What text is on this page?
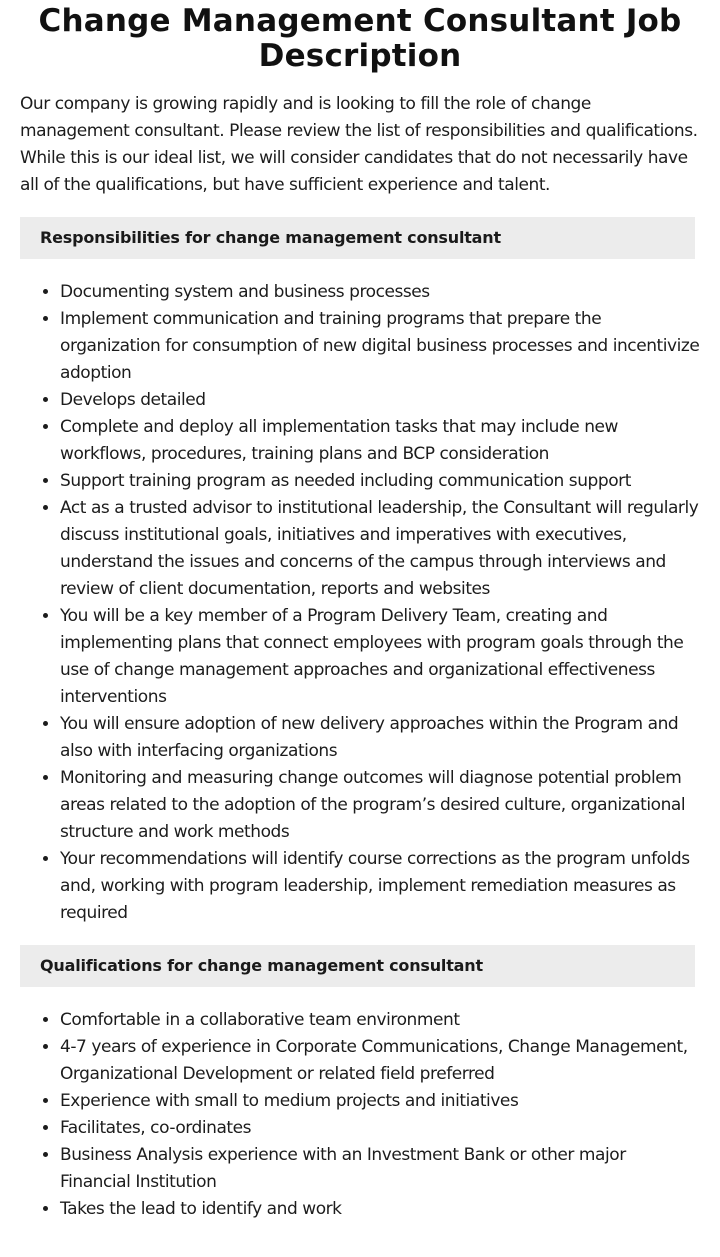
Change Management Consultant Job Description

Our company is growing rapidly and is looking to fill the role of change management consultant. Please review the list of responsibilities and qualifications. While this is our ideal list, we will consider candidates that do not necessarily have all of the qualifications, but have sufficient experience and talent.

Responsibilities for change management consultant
• Documenting system and business processes
• Implement communication and training programs that prepare the organization for consumption of new digital business processes and incentivize adoption
• Develops detailed
• Complete and deploy all implementation tasks that may include new workflows, procedures, training plans and BCP consideration
• Support training program as needed including communication support
• Act as a trusted advisor to institutional leadership, the Consultant will regularly discuss institutional goals, initiatives and imperatives with executives, understand the issues and concerns of the campus through interviews and review of client documentation, reports and websites
• You will be a key member of a Program Delivery Team, creating and implementing plans that connect employees with program goals through the use of change management approaches and organizational effectiveness interventions
• You will ensure adoption of new delivery approaches within the Program and also with interfacing organizations
• Monitoring and measuring change outcomes will diagnose potential problem areas related to the adoption of the program’s desired culture, organizational structure and work methods
• Your recommendations will identify course corrections as the program unfolds and, working with program leadership, implement remediation measures as required
Qualifications for change management consultant
• Comfortable in a collaborative team environment
• 4-7 years of experience in Corporate Communications, Change Management, Organizational Development or related field preferred
• Experience with small to medium projects and initiatives
• Facilitates, co-ordinates
• Business Analysis experience with an Investment Bank or other major Financial Institution
• Takes the lead to identify and work
